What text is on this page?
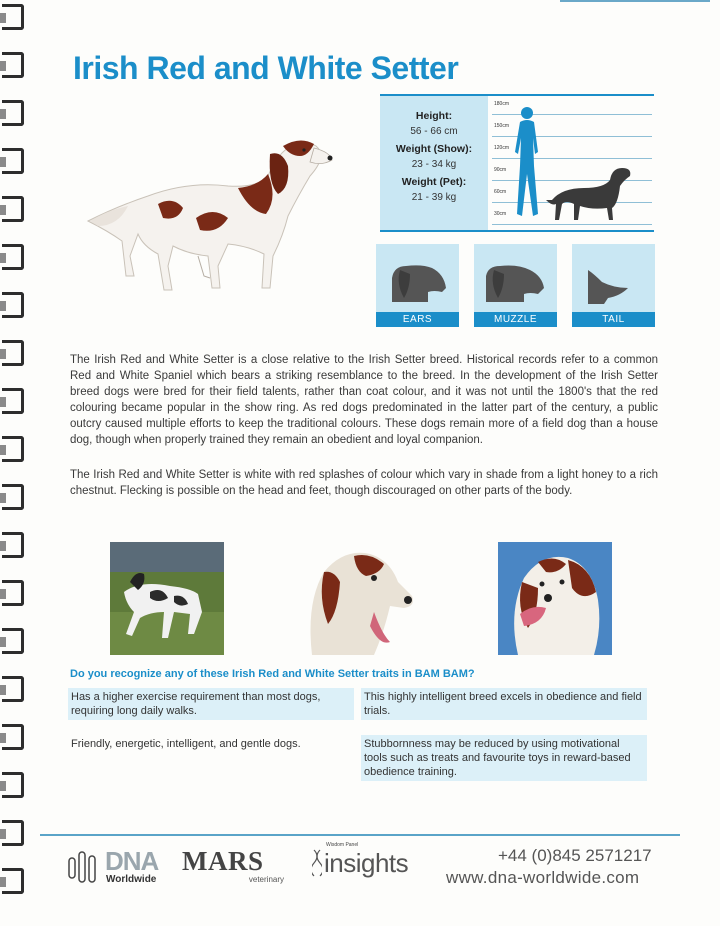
Irish Red and White Setter
Height:
56 - 66 cm
Weight (Show):
23 - 34 kg
Weight (Pet):
21 - 39 kg
180cm
150cm
120cm
90cm
60cm
30cm
EARS	MUZZLE	TAIL

The Irish Red and White Setter is a close relative to the Irish Setter breed. Historical records refer to a common Red and White Spaniel which bears a striking resemblance to the breed. In the development of the Irish Setter breed dogs were bred for their field talents, rather than coat colour, and it was not until the 1800's that the red colouring became popular in the show ring. As red dogs predominated in the latter part of the century, a public outcry caused multiple efforts to keep the traditional colours. These dogs remain more of a field dog than a house dog, though when properly trained they remain an obedient and loyal companion.

The Irish Red and White Setter is white with red splashes of colour which vary in shade from a light honey to a rich chestnut. Flecking is possible on the head and feet, though discouraged on other parts of the body.

Do you recognize any of these Irish Red and White Setter traits in BAM BAM?
Has a higher exercise requirement than most dogs, requiring long daily walks.
This highly intelligent breed excels in obedience and field trials.
Friendly, energetic, intelligent, and gentle dogs.	Stubbornness may be reduced by using motivational tools such as treats and favourite toys in reward-based obedience training.
DNA
Worldwide
MARS
veterinary
Wisdom Panel
insights	+44 (0)845 2571217
www.dna-worldwide.com
